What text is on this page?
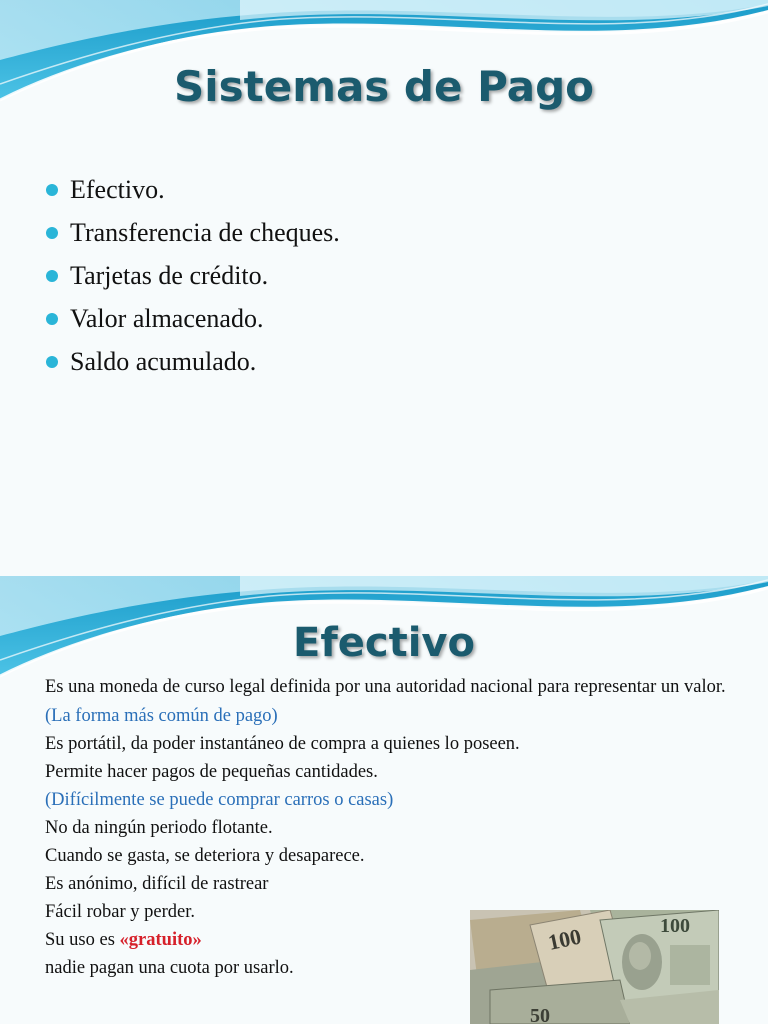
Sistemas de Pago
Efectivo.
Transferencia de cheques.
Tarjetas de crédito.
Valor almacenado.
Saldo acumulado.
Efectivo

Es una moneda de curso legal definida por una autoridad nacional para representar un valor.

(La forma más común de pago)

Es portátil, da poder instantáneo de compra a quienes lo poseen.

Permite hacer pagos de pequeñas cantidades.

(Difícilmente se puede comprar carros o casas)

No da ningún periodo flotante.

Cuando se gasta, se deteriora y desaparece.

Es anónimo, difícil de rastrear

Fácil robar y perder.

Su uso es «gratuito»

nadie pagan una cuota por usarlo.

100	100
50
